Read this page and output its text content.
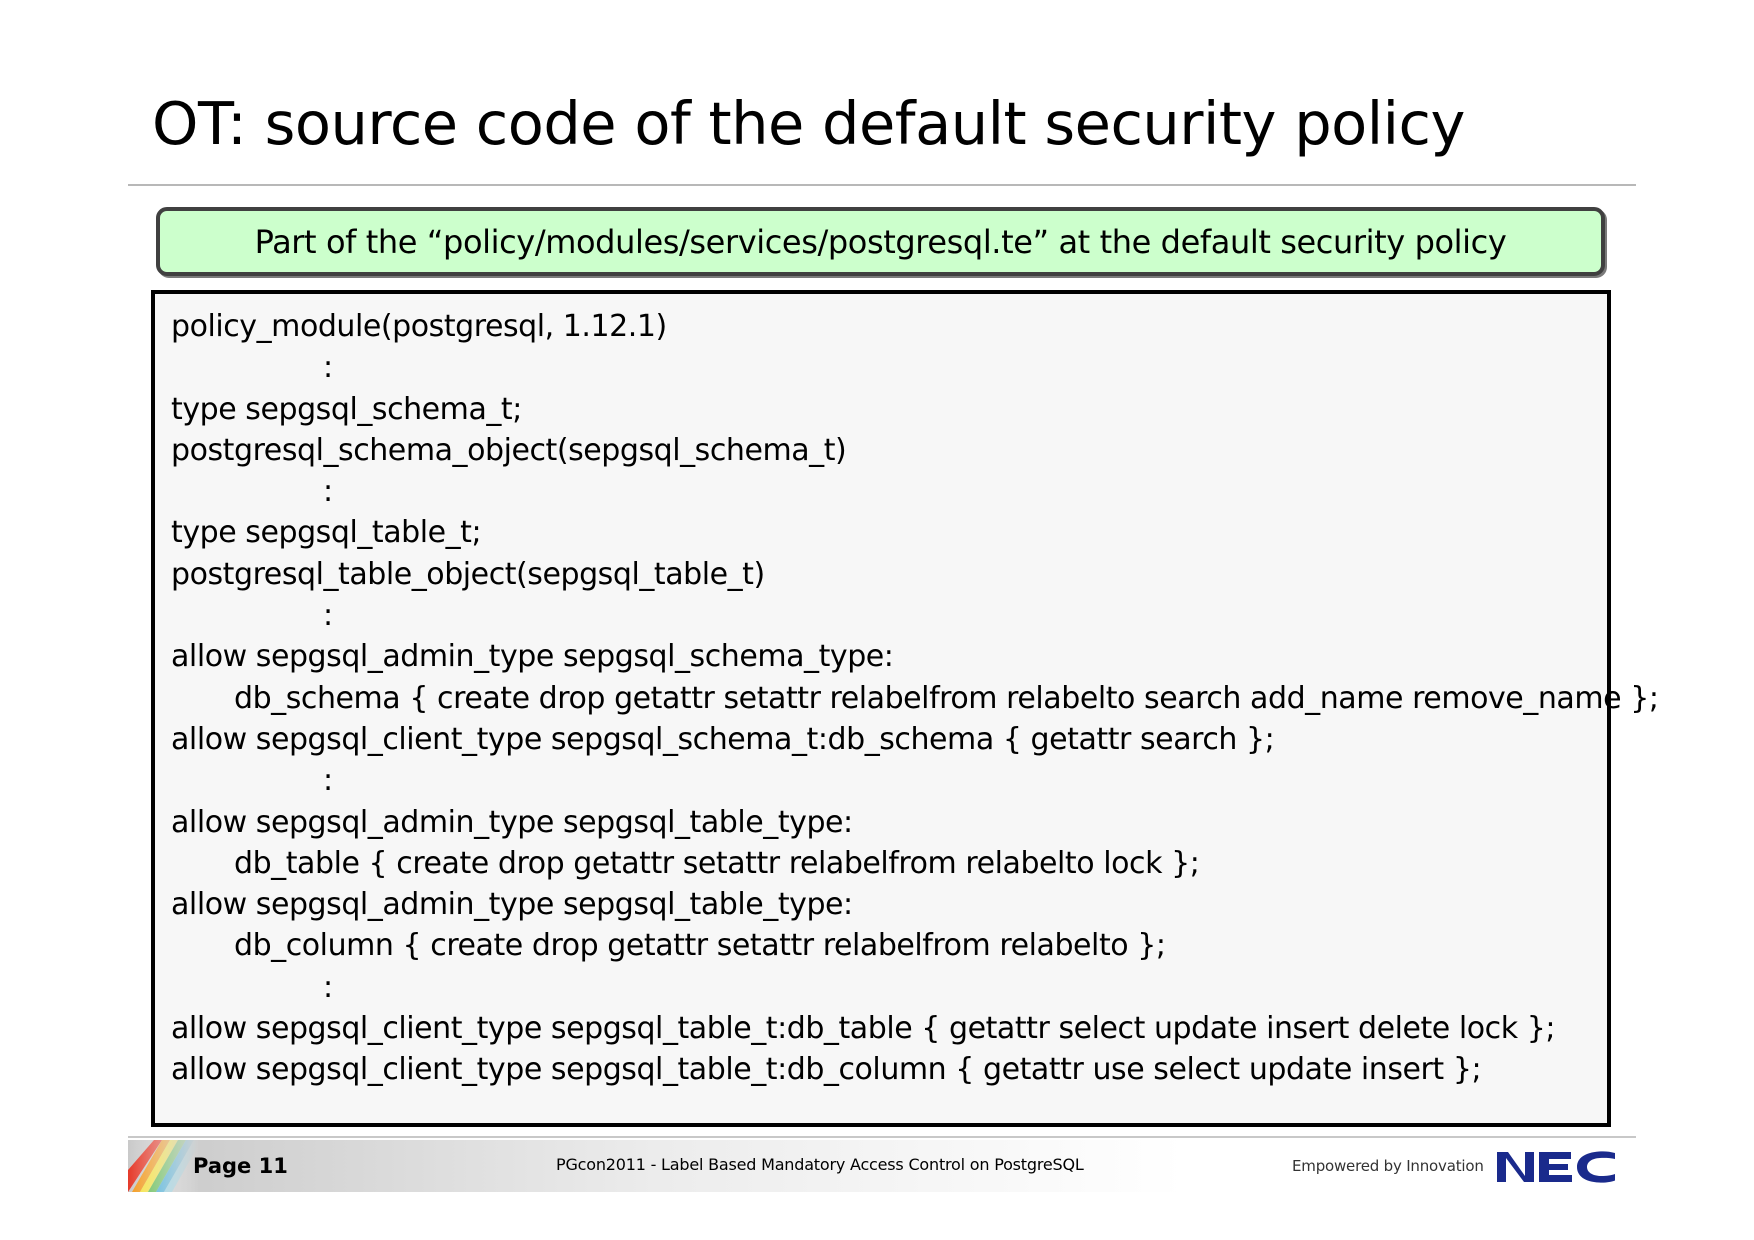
OT: source code of the default security policy
Part of the “policy/modules/services/postgresql.te” at the default security policy
policy_module(postgresql, 1.12.1)
:
type sepgsql_schema_t;
postgresql_schema_object(sepgsql_schema_t)
:
type sepgsql_table_t;
postgresql_table_object(sepgsql_table_t)
:
allow sepgsql_admin_type sepgsql_schema_type:
db_schema { create drop getattr setattr relabelfrom relabelto search add_name remove_name };
allow sepgsql_client_type sepgsql_schema_t:db_schema { getattr search };
:
allow sepgsql_admin_type sepgsql_table_type:
db_table { create drop getattr setattr relabelfrom relabelto lock };
allow sepgsql_admin_type sepgsql_table_type:
db_column { create drop getattr setattr relabelfrom relabelto };
:
allow sepgsql_client_type sepgsql_table_t:db_table { getattr select update insert delete lock };
allow sepgsql_client_type sepgsql_table_t:db_column { getattr use select update insert };
Page 11	PGcon2011 - Label Based Mandatory Access Control on PostgreSQL	Empowered by Innovation
